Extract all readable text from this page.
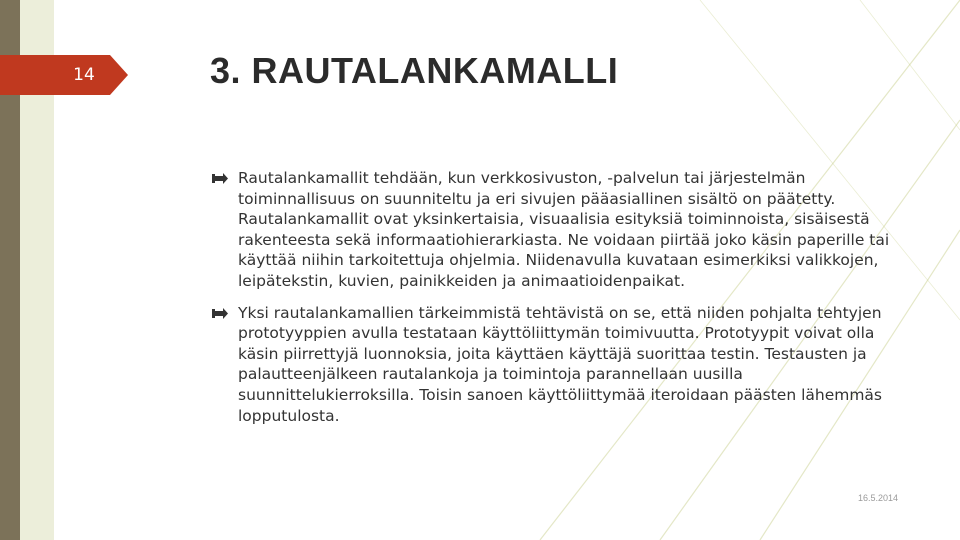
14	3. RAUTALANKAMALLI
Rautalankamallit tehdään, kun verkkosivuston, -palvelun tai järjestelmän toiminnallisuus on suunniteltu ja eri sivujen pääasiallinen sisältö on päätetty. Rautalankamallit ovat yksinkertaisia, visuaalisia esityksiä toiminnoista, sisäisestä rakenteesta sekä informaatiohierarkiasta. Ne voidaan piirtää joko käsin paperille tai käyttää niihin tarkoitettuja ohjelmia. Niidenavulla kuvataan esimerkiksi valikkojen, leipätekstin, kuvien, painikkeiden ja animaatioidenpaikat.
Yksi rautalankamallien tärkeimmistä tehtävistä on se, että niiden pohjalta tehtyjen prototyyppien avulla testataan käyttöliittymän toimivuutta. Prototyypit voivat olla käsin piirrettyjä luonnoksia, joita käyttäen käyttäjä suorittaa testin. Testausten ja palautteenjälkeen rautalankoja ja toimintoja parannellaan uusilla suunnittelukierroksilla. Toisin sanoen käyttöliittymää iteroidaan päästen lähemmäs lopputulosta.
16.5.2014
